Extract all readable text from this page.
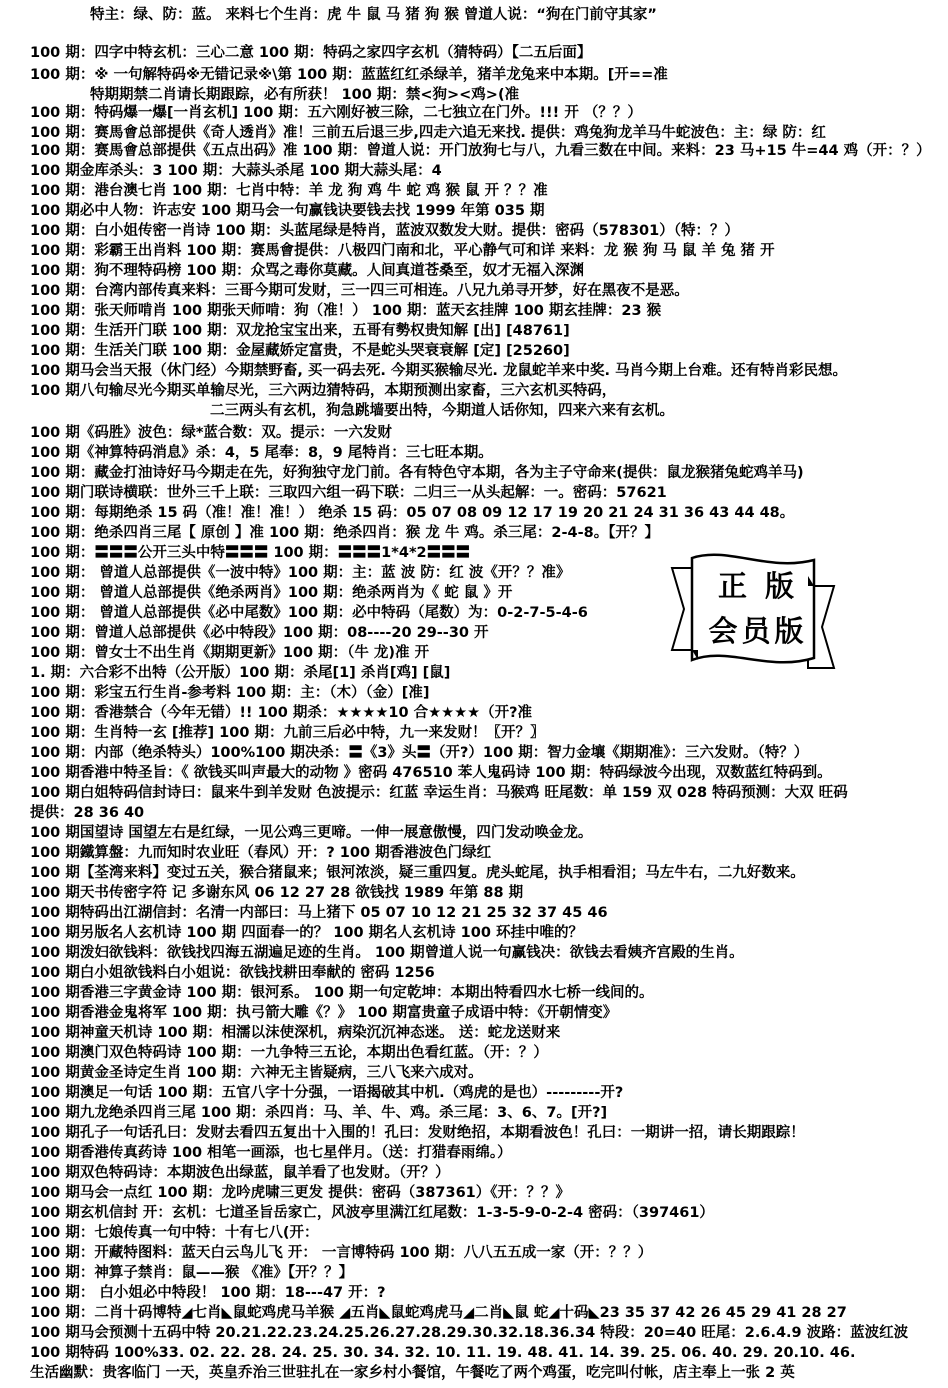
特主：绿、防：蓝。 来料七个生肖：虎 牛 鼠 马 猪 狗 猴 曾道人说：“狗在门前守其家”
100 期：四字中特玄机：三心二意 100 期：特码之家四字玄机（猜特码）【二五后面】
100 期：※ 一句解特码※无错记录※\第 100 期：蓝蓝红红杀绿羊，猪羊龙兔来中本期。[开==准
特期期禁二肖请长期跟踪，必有所获！ 100 期：禁<狗><鸡>(准
100 期：特码爆一爆[一肖玄机] 100 期：五六刚好被三除，二七独立在门外。!!! 开 （？？）
100 期：赛馬會总部提供《奇人透肖》准！三前五后退三步,四走六追无来找. 提供：鸡兔狗龙羊马牛蛇波色：主：绿 防：红
100 期：赛馬會总部提供《五点出码》准 100 期：曾道人说：开门放狗七与八，九看三数在中间。来料：23 马+15 牛=44 鸡（开：？）
100 期金库杀头：3 100 期：大蒜头杀尾 100 期大蒜头尾：4
100 期：港台澳七肖 100 期：七肖中特：羊 龙 狗 鸡 牛 蛇 鸡 猴 鼠 开 ？？准
100 期必中人物：许志安 100 期马会一句赢钱诀要钱去找 1999 年第 035 期
100 期：白小姐传密一肖诗 100 期：头蓝尾绿是特肖，蓝波双数发大财。提供：密码（578301）（特：？）
100 期：彩霸王出肖料 100 期：赛馬會提供：八极四门南和北，平心静气可和详 来料：龙 猴 狗 马 鼠 羊 兔 猪 开
100 期：狗不理特码榜 100 期：众骂之毒你莫藏。人间真道苍桑至，奴才无福入深渊
100 期：台湾内部传真来料：三哥今期可发财，三一四三可相连。八兄九弟寻开梦，好在黑夜不是恶。
100 期：张天师啃肖 100 期张天师啃：狗（准！） 100 期：蓝天玄挂牌 100 期玄挂牌：23 猴
100 期：生活开门联 100 期：双龙抢宝宝出来，五哥有勢权贵知解 [出] [48761]
100 期：生活关门联 100 期：金屋藏娇定富贵，不是蛇头哭衰衰解 [定] [25260]
100 期马会当天报（休门经）今期禁野畜, 买一码去死. 今期买猴输尽光. 龙鼠蛇羊来中奖. 马肖今期上台难。还有特肖彩民想。
100 期八句输尽光今期买单输尽光，三六两边猜特码，本期预测出家畜，三六玄机买特码，
二三两头有玄机，狗急跳墙要出特，今期道人话你知，四来六来有玄机。
100 期《码胜》波色：绿*蓝合数：双。提示：一六发财
100 期《神算特码消息》杀：4，5 尾奉：8，9 尾特肖：三七旺本期。
100 期：藏金打油诗好马今期走在先，好狗独守龙门前。各有特色守本期，各为主子守命来(提供：鼠龙猴猪兔蛇鸡羊马)
100 期门联诗横联：世外三千上联：三取四六组一码下联：二归三一从头起解：一。密码：57621
100 期：每期绝杀 15 码（准！准！准！） 绝杀 15 码：05 07 08 09 12 17 19 20 21 24 31 36 43 44 48。
100 期：绝杀四肖三尾【 原创 】准 100 期：绝杀四肖：猴 龙 牛 鸡。杀三尾：2-4-8。【开？】
100 期：〓〓〓公开三头中特〓〓〓 100 期：〓〓〓1*4*2〓〓〓
100 期： 曾道人总部提供《一波中特》100 期：主：蓝 波 防：红 波《开？？准》
100 期： 曾道人总部提供《绝杀两肖》100 期：绝杀两肖为《 蛇 鼠 》开
100 期： 曾道人总部提供《必中尾数》100 期：必中特码（尾数）为：0-2-7-5-4-6
100 期：曾道人总部提供《必中特段》100 期：08----20 29--30 开
100 期：曾女士不出生肖《期期更新》100 期：（牛 龙)准 开
1. 期：六合彩不出特（公开版）100 期：杀尾[1] 杀肖[鸡] [鼠]
100 期：彩宝五行生肖-参考料 100 期：主：（木）（金）[准]
100 期：香港禁合（今年无错）!! 100 期杀：★★★★10 合★★★★（开?准
100 期：生肖特一玄 [推荐] 100 期：九前三后必中特，九一来发财！〖开？〗
100 期：内部（绝杀特头）100%100 期决杀：〓《3》头〓（开?）100 期：智力金壤《期期准》：三六发财。（特？）
100 期香港中特圣旨：《 欲钱买叫声最大的动物 》密码 476510 苯人鬼码诗 100 期：特码绿波今出现，双数蓝红特码到。
100 期白姐特码信封诗曰：鼠来牛到羊发财 色波提示：红蓝 幸运生肖：马猴鸡 旺尾数：单 159 双 028 特码预测：大双 旺码
提供：28 36 40
100 期国望诗 国望左右是红绿，一见公鸡三更啼。一伸一展意傲慢，四门发动唤金龙。
100 期鐵算盤：九而知时农业旺（春风）开：? 100 期香港波色门绿红
100 期【荃湾来料】变过五关，猴合猪鼠来；银河浓淡，疑三重四复。虎头蛇尾，执手相看泪；马左牛右，二九好数来。
100 期天书传密字符 记 多谢东风 06 12 27 28 欲钱找 1989 年第 88 期
100 期特码出江湖信封：名清一内部曰：马上猪下 05 07 10 12 21 25 32 37 45 46
100 期另版名人玄机诗 100 期 四面春一的？ 100 期名人玄机诗 100 环挂中唯的？
100 期泼妇欲钱料：欲钱找四海五湖遍足迹的生肖。 100 期曾道人说一句赢钱决：欲钱去看姨齐宫殿的生肖。
100 期白小姐欲钱料白小姐说：欲钱找耕田奉献的 密码 1256
100 期香港三字黄金诗 100 期：银河系。 100 期一句定乾坤：本期出特看四水七桥一线间的。
100 期香港金鬼将军 100 期：执弓箭大雕《？》 100 期富贵童子成语中特：《开朝情变》
100 期神童天机诗 100 期：相濡以沫使深机，病染沉沉神态迷。 送：蛇龙送财来
100 期澳门双色特码诗 100 期：一九争特三五论，本期出色看红蓝。（开：？）
100 期黄金圣诗定生肖 100 期：六神无主皆疑病，三八飞来六成对。
100 期澳足一句话 100 期：五官八字十分强，一语揭破其中机.（鸡虎的是也）---------开?
100 期九龙绝杀四肖三尾 100 期：杀四肖：马、羊、牛、鸡。杀三尾：3、6、7。[开?]
100 期孔子一句话孔曰：发财去看四五复出十入围的！孔曰：发财绝招，本期看波色！孔曰：一期讲一招，请长期跟踪！
100 期香港传真药诗 100 相笔一画添，也七星伴月。（送：打猎春雨绵。）
100 期双色特码诗：本期波色出绿蓝，鼠羊看了也发财。（开？）
100 期马会一点红 100 期：龙吟虎啸三更发 提供：密码（387361）《开：？？》
100 期玄机信封 开：玄机：七道圣旨岳家亡，风波亭里满江红尾数：1-3-5-9-0-2-4 密码：（397461）
100 期：七娘传真一句中特：十有七八(开：
100 期：开藏特图料：蓝天白云鸟儿飞 开： 一言博特码 100 期：八八五五成一家（开：？？）
100 期：神算子禁肖：鼠——猴 《准》【开？？】
100 期： 白小姐必中特段！ 100 期：18---47 开：?
100 期：二肖十码博特◢七肖◣鼠蛇鸡虎马羊猴 ◢五肖◣鼠蛇鸡虎马◢二肖◣鼠 蛇◢十码◣23 35 37 42 26 45 29 41 28 27
100 期马会预测十五码中特 20.21.22.23.24.25.26.27.28.29.30.32.18.36.34 特段：20=40 旺尾：2.6.4.9 波路：蓝波红波
100 期特码 100%33. 02. 22. 28. 24. 25. 30. 34. 32. 10. 11. 19. 48. 41. 14. 39. 25. 06. 40. 29. 20.10. 46.
生活幽默：贵客临门 一天，英皇乔治三世驻扎在一家乡村小餐馆，午餐吃了两个鸡蛋，吃完叫付帐，店主奉上一张 2 英
正 版
会员版
